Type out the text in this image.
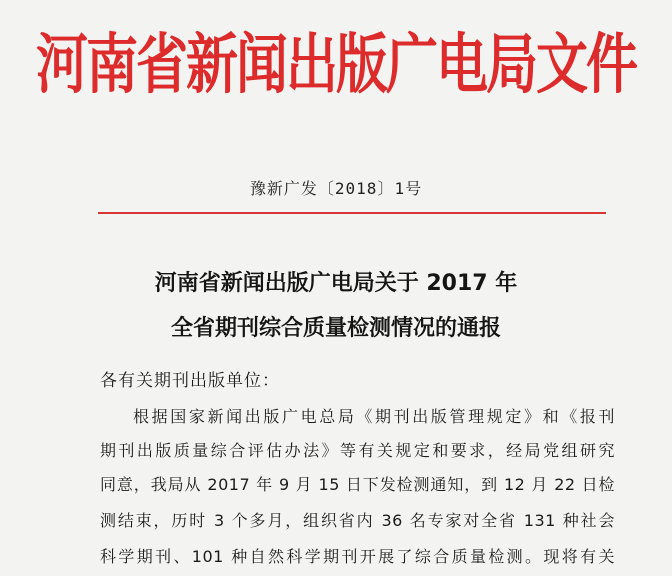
河南省新闻出版广电局文件
豫新广发〔2018〕1号
河南省新闻出版广电局关于 2017 年
全省期刊综合质量检测情况的通报
各有关期刊出版单位：
根据国家新闻出版广电总局《期刊出版管理规定》和《报刊
期刊出版质量综合评估办法》等有关规定和要求，经局党组研究
同意，我局从 2017 年 9 月 15 日下发检测通知，到 12 月 22 日检
测结束，历时 3 个多月，组织省内 36 名专家对全省 131 种社会
科学期刊、101 种自然科学期刊开展了综合质量检测。现将有关
